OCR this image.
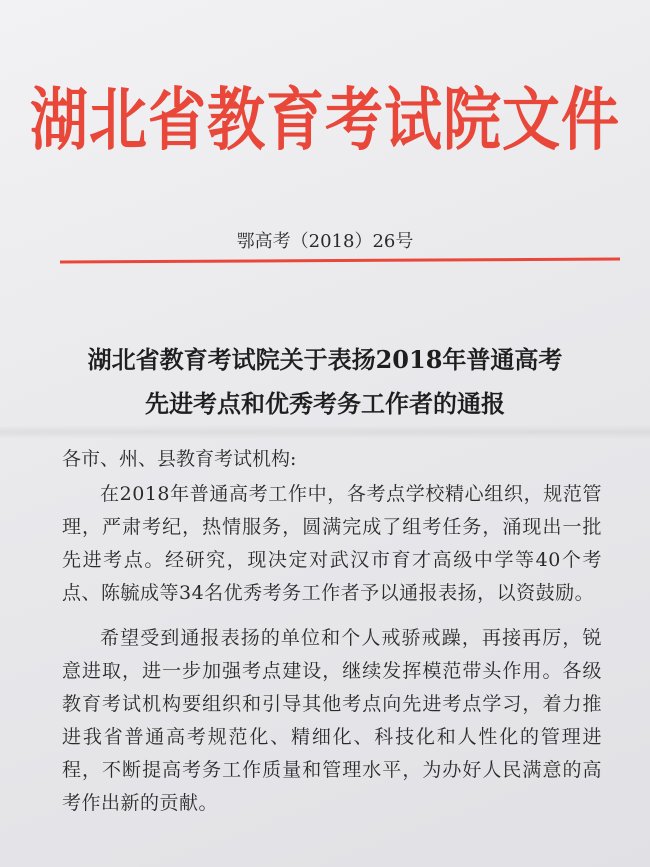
湖北省教育考试院文件
鄂高考（2018）26号
湖北省教育考试院关于表扬2018年普通高考
先进考点和优秀考务工作者的通报
各市、州、县教育考试机构:
在2018年普通高考工作中，各考点学校精心组织，规范管理，严肃考纪，热情服务，圆满完成了组考任务，涌现出一批先进考点。经研究，现决定对武汉市育才高级中学等40个考点、陈毓成等34名优秀考务工作者予以通报表扬，以资鼓励。
希望受到通报表扬的单位和个人戒骄戒躁，再接再厉，锐意进取，进一步加强考点建设，继续发挥模范带头作用。各级教育考试机构要组织和引导其他考点向先进考点学习，着力推进我省普通高考规范化、精细化、科技化和人性化的管理进程，不断提高考务工作质量和管理水平，为办好人民满意的高考作出新的贡献。
